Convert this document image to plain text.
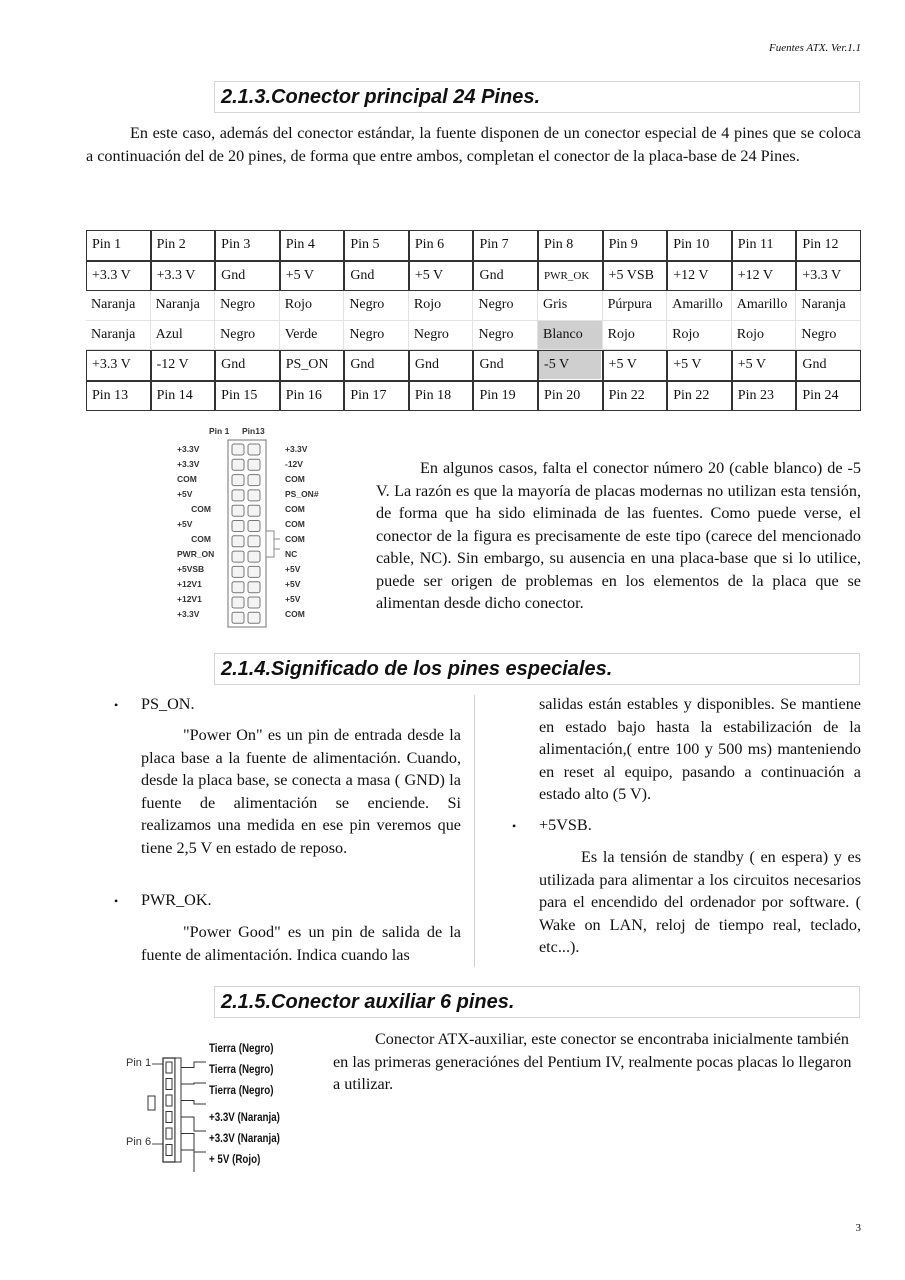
Fuentes ATX. Ver.1.1
2.1.3.Conector principal 24 Pines.
En este caso, además del conector estándar, la fuente disponen de un conector especial de 4 pines que se coloca a continuación del de 20 pines, de forma que entre ambos, completan el conector de la placa-base de 24 Pines.
Pin 1	Pin 2	Pin 3	Pin 4	Pin 5	Pin 6	Pin 7	Pin 8	Pin 9	Pin 10	Pin 11	Pin 12
+3.3 V	+3.3 V	Gnd	+5 V	Gnd	+5 V	Gnd	PWR_OK	+5 VSB	+12 V	+12 V	+3.3 V
Naranja	Naranja	Negro	Rojo	Negro	Rojo	Negro	Gris	Púrpura	Amarillo	Amarillo	Naranja
Naranja	Azul	Negro	Verde	Negro	Negro	Negro	Blanco	Rojo	Rojo	Rojo	Negro
+3.3 V	-12 V	Gnd	PS_ON	Gnd	Gnd	Gnd	-5 V	+5 V	+5 V	+5 V	Gnd
Pin 13	Pin 14	Pin 15	Pin 16	Pin 17	Pin 18	Pin 19	Pin 20	Pin 22	Pin 22	Pin 23	Pin 24
Pin 1 Pin13
+3.3V
+3.3V
COM
+5V
COM
+5V
COM
PWR_ON
+5VSB
+12V1
+12V1
+3.3V
+3.3V
-12V
COM
PS_ON#
COM
COM
COM
NC
+5V
+5V
+5V
COM
En algunos casos, falta el conector número 20 (cable blanco) de -5 V. La razón es que la mayoría de placas modernas no utilizan esta tensión, de forma que ha sido eliminada de las fuentes. Como puede verse, el conector de la figura es precisamente de este tipo (carece del mencionado cable, NC). Sin embargo, su ausencia en una placa-base que si lo utilice, puede ser origen de problemas en los elementos de la placa que se alimentan desde dicho conector.
2.1.4.Significado de los pines especiales.
• PS_ON.
"Power On" es un pin de entrada desde la placa base a la fuente de alimentación. Cuando, desde la placa base, se conecta a masa ( GND) la fuente de alimentación se enciende. Si realizamos una medida en ese pin veremos que tiene 2,5 V en estado de reposo.
• PWR_OK.
"Power Good" es un pin de salida de la fuente de alimentación. Indica cuando las
salidas están estables y disponibles. Se mantiene en estado bajo hasta la estabilización de la alimentación,( entre 100 y 500 ms) manteniendo en reset al equipo, pasando a continuación a estado alto (5 V).
• +5VSB.
Es la tensión de standby ( en espera) y es utilizada para alimentar a los circuitos necesarios para el encendido del ordenador por software. ( Wake on LAN, reloj de tiempo real, teclado, etc...).
2.1.5.Conector auxiliar 6 pines.
Pin 1
Pin 6
Tierra (Negro)
Tierra (Negro)
Tierra (Negro)
+3.3V (Naranja)
+3.3V (Naranja)
+ 5V (Rojo)
Conector ATX-auxiliar, este conector se encontraba inicialmente también en las primeras generaciónes del Pentium IV, realmente pocas placas lo llegaron a utilizar.
3
